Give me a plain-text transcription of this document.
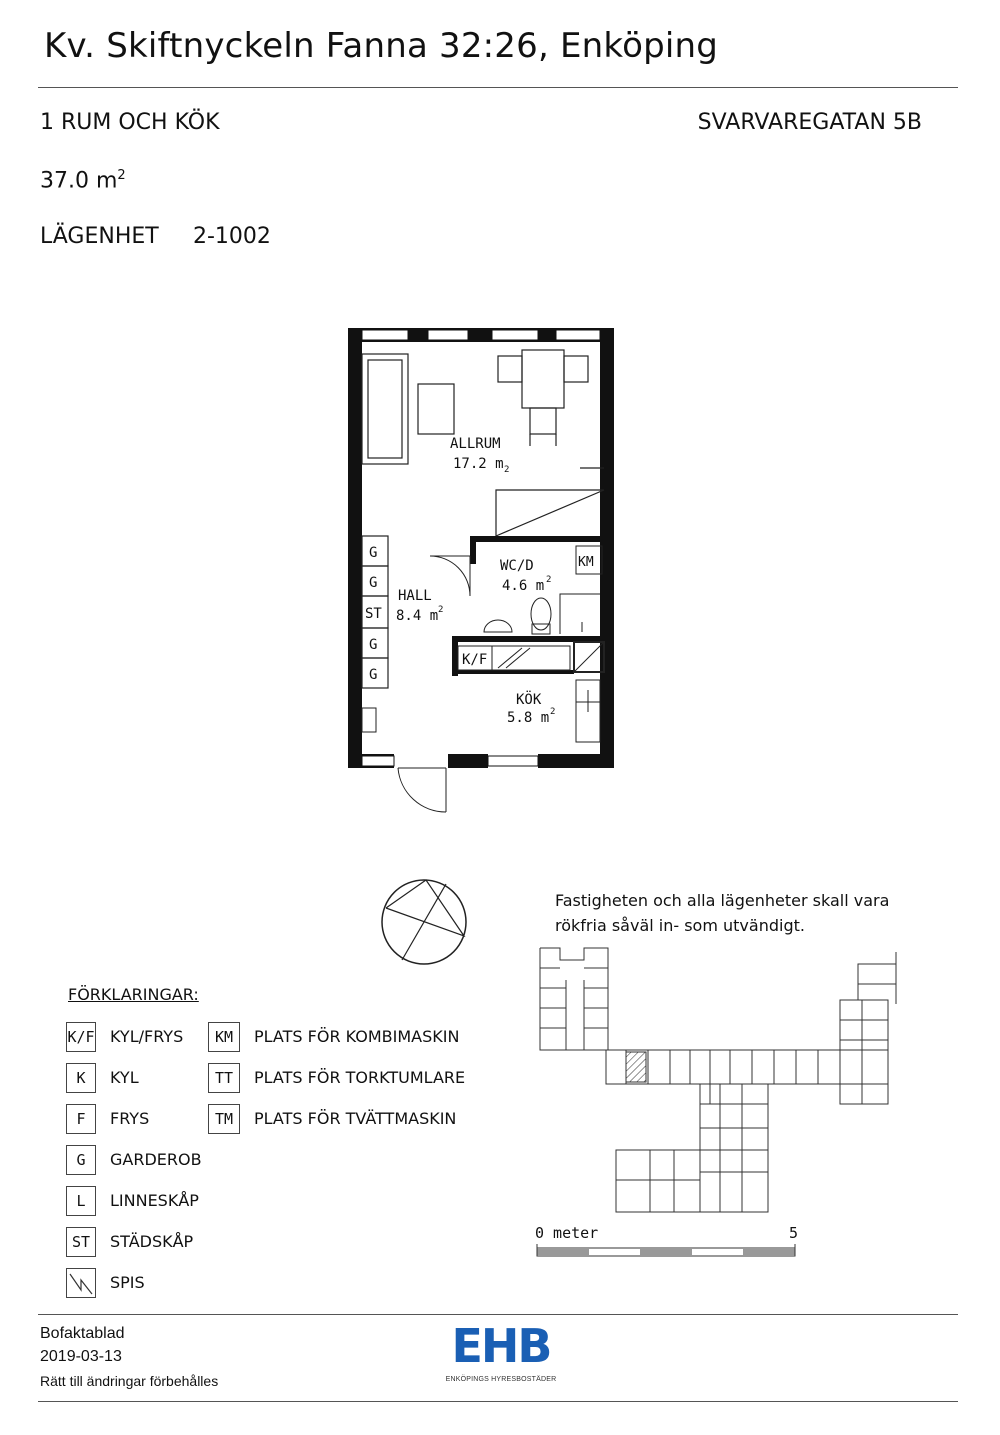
Kv. Skiftnyckeln Fanna 32:26, Enköping
1 RUM OCH KÖK	SVARVAREGATAN 5B
37.0 $m^2$
LÄGENHET 2-1002
G
G
ST
G
G
KM
K/F
ALLRUM
17.2 m 2
WC/D
4.6 m 2
HALL
8.4 m 2
KÖK
5.8 m 2
Fastigheten och alla lägenheter skall vara
rökfria såväl in- som utvändigt.
0 meter	5
FÖRKLARINGAR:
K/F KYL/FRYS
K	KYL
F	FRYS
G	GARDEROB
L	LINNESKÅP
ST	STÄDSKÅP
SPIS
KM	PLATS FÖR KOMBIMASKIN
TT	PLATS FÖR TORKTUMLARE
TM	PLATS FÖR TVÄTTMASKIN
Bofaktablad
2019-03-13
Rätt till ändringar förbehålles
EHB
ENKÖPINGS HYRESBOSTÄDER
